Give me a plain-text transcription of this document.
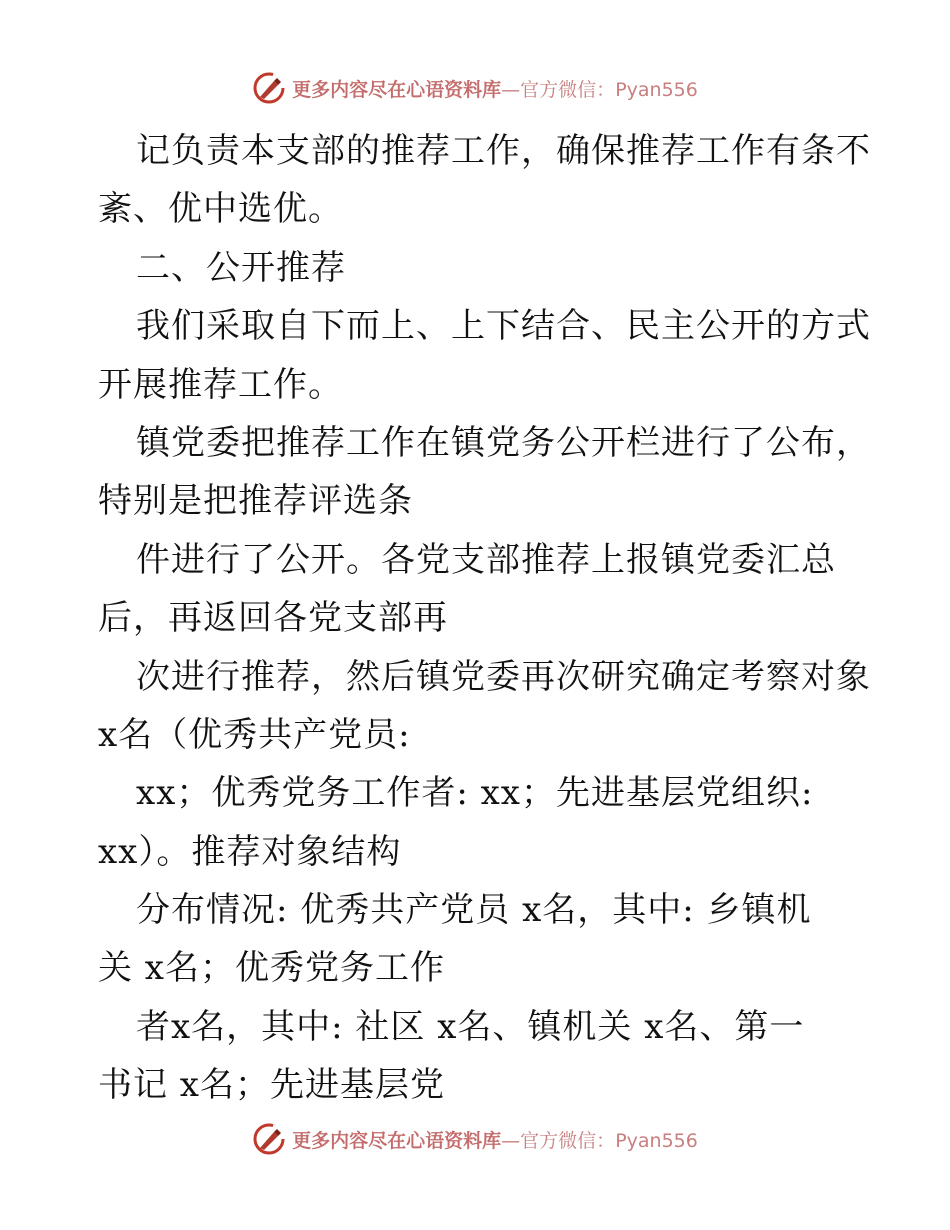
更多内容尽在心语资料库—官方微信：Pyan556
记负责本支部的推荐工作，确保推荐工作有条不
紊、优中选优。
二、公开推荐
我们采取自下而上、上下结合、民主公开的方式
开展推荐工作。
镇党委把推荐工作在镇党务公开栏进行了公布，
特别是把推荐评选条
件进行了公开。各党支部推荐上报镇党委汇总
后，再返回各党支部再
次进行推荐，然后镇党委再次研究确定考察对象
x名（优秀共产党员:
xx；优秀党务工作者: xx；先进基层党组织:
xx）。推荐对象结构
分布情况: 优秀共产党员 x名，其中: 乡镇机
关 x名；优秀党务工作
者x名，其中: 社区 x名、镇机关 x名、第一
书记 x名；先进基层党
更多内容尽在心语资料库—官方微信：Pyan556
